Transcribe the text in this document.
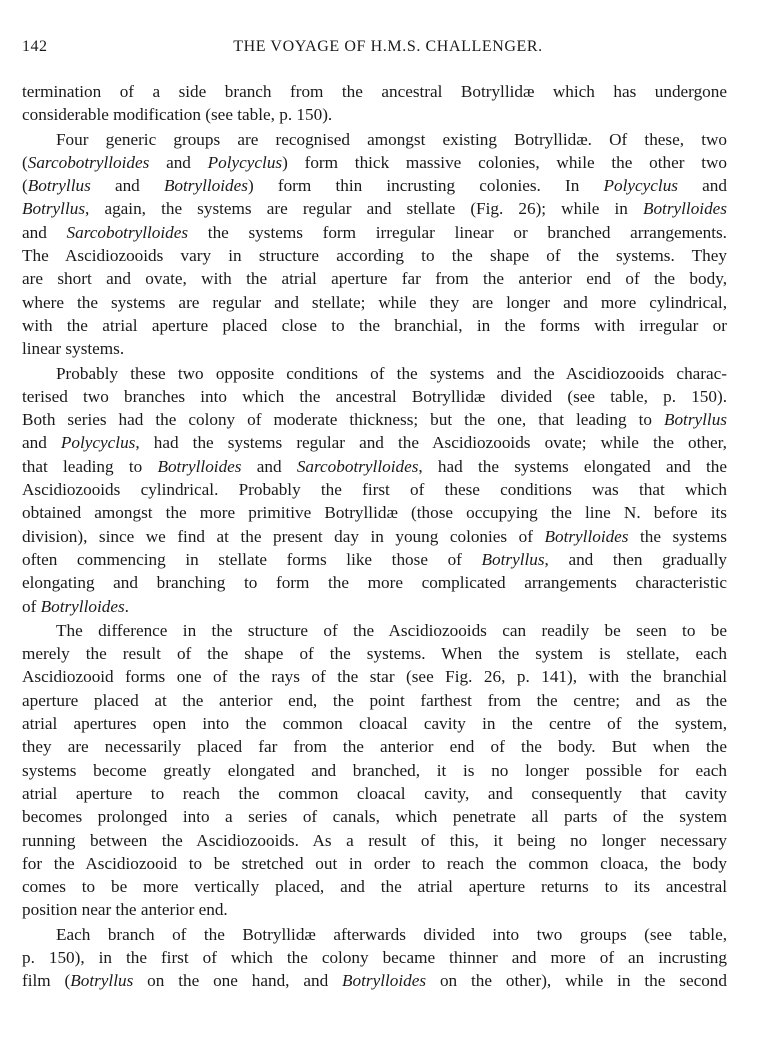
142	THE VOYAGE OF H.M.S. CHALLENGER.
termination of a side branch from the ancestral Botryllidæ which has undergone
considerable modification (see table, p. 150).
Four generic groups are recognised amongst existing Botryllidæ. Of these, two
(Sarcobotrylloides and Polycyclus) form thick massive colonies, while the other two
(Botryllus and Botrylloides) form thin incrusting colonies. In Polycyclus and
Botryllus, again, the systems are regular and stellate (Fig. 26); while in Botrylloides
and Sarcobotrylloides the systems form irregular linear or branched arrangements.
The Ascidiozooids vary in structure according to the shape of the systems. They
are short and ovate, with the atrial aperture far from the anterior end of the body,
where the systems are regular and stellate; while they are longer and more cylindrical,
with the atrial aperture placed close to the branchial, in the forms with irregular or
linear systems.
Probably these two opposite conditions of the systems and the Ascidiozooids charac-
terised two branches into which the ancestral Botryllidæ divided (see table, p. 150).
Both series had the colony of moderate thickness; but the one, that leading to Botryllus
and Polycyclus, had the systems regular and the Ascidiozooids ovate; while the other,
that leading to Botrylloides and Sarcobotrylloides, had the systems elongated and the
Ascidiozooids cylindrical. Probably the first of these conditions was that which
obtained amongst the more primitive Botryllidæ (those occupying the line N. before its
division), since we find at the present day in young colonies of Botrylloides the systems
often commencing in stellate forms like those of Botryllus, and then gradually
elongating and branching to form the more complicated arrangements characteristic
of Botrylloides.
The difference in the structure of the Ascidiozooids can readily be seen to be
merely the result of the shape of the systems. When the system is stellate, each
Ascidiozooid forms one of the rays of the star (see Fig. 26, p. 141), with the branchial
aperture placed at the anterior end, the point farthest from the centre; and as the
atrial apertures open into the common cloacal cavity in the centre of the system,
they are necessarily placed far from the anterior end of the body. But when the
systems become greatly elongated and branched, it is no longer possible for each
atrial aperture to reach the common cloacal cavity, and consequently that cavity
becomes prolonged into a series of canals, which penetrate all parts of the system
running between the Ascidiozooids. As a result of this, it being no longer necessary
for the Ascidiozooid to be stretched out in order to reach the common cloaca, the body
comes to be more vertically placed, and the atrial aperture returns to its ancestral
position near the anterior end.
Each branch of the Botryllidæ afterwards divided into two groups (see table,
p. 150), in the first of which the colony became thinner and more of an incrusting
film (Botryllus on the one hand, and Botrylloides on the other), while in the second
